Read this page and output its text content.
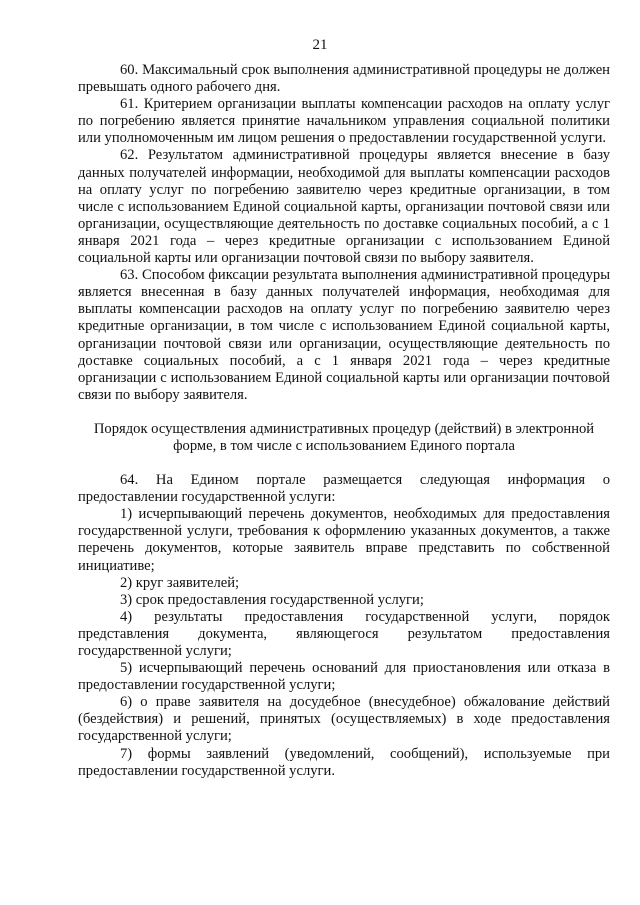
21

60. Максимальный срок выполнения административной процедуры не должен превышать одного рабочего дня.

61. Критерием организации выплаты компенсации расходов на оплату услуг по погребению является принятие начальником управления социальной политики или уполномоченным им лицом решения о предоставлении государственной услуги.

62. Результатом административной процедуры является внесение в базу данных получателей информации, необходимой для выплаты компенсации расходов на оплату услуг по погребению заявителю через кредитные организации, в том числе с использованием Единой социальной карты, организации почтовой связи или организации, осуществляющие деятельность по доставке социальных пособий, а с 1 января 2021 года – через кредитные организации с использованием Единой социальной карты или организации почтовой связи по выбору заявителя.

63. Способом фиксации результата выполнения административной процедуры является внесенная в базу данных получателей информация, необходимая для выплаты компенсации расходов на оплату услуг по погребению заявителю через кредитные организации, в том числе с использованием Единой социальной карты, организации почтовой связи или организации, осуществляющие деятельность по доставке социальных пособий, а с 1 января 2021 года – через кредитные организации с использованием Единой социальной карты или организации почтовой связи по выбору заявителя.

Порядок осуществления административных процедур (действий) в электронной форме, в том числе с использованием Единого портала

64. На Едином портале размещается следующая информация о предоставлении государственной услуги:

1) исчерпывающий перечень документов, необходимых для предоставления государственной услуги, требования к оформлению указанных документов, а также перечень документов, которые заявитель вправе представить по собственной инициативе;

2) круг заявителей;

3) срок предоставления государственной услуги;

4) результаты предоставления государственной услуги, порядок представления документа, являющегося результатом предоставления государственной услуги;

5) исчерпывающий перечень оснований для приостановления или отказа в предоставлении государственной услуги;

6) о праве заявителя на досудебное (внесудебное) обжалование действий (бездействия) и решений, принятых (осуществляемых) в ходе предоставления государственной услуги;

7) формы заявлений (уведомлений, сообщений), используемые при предоставлении государственной услуги.
